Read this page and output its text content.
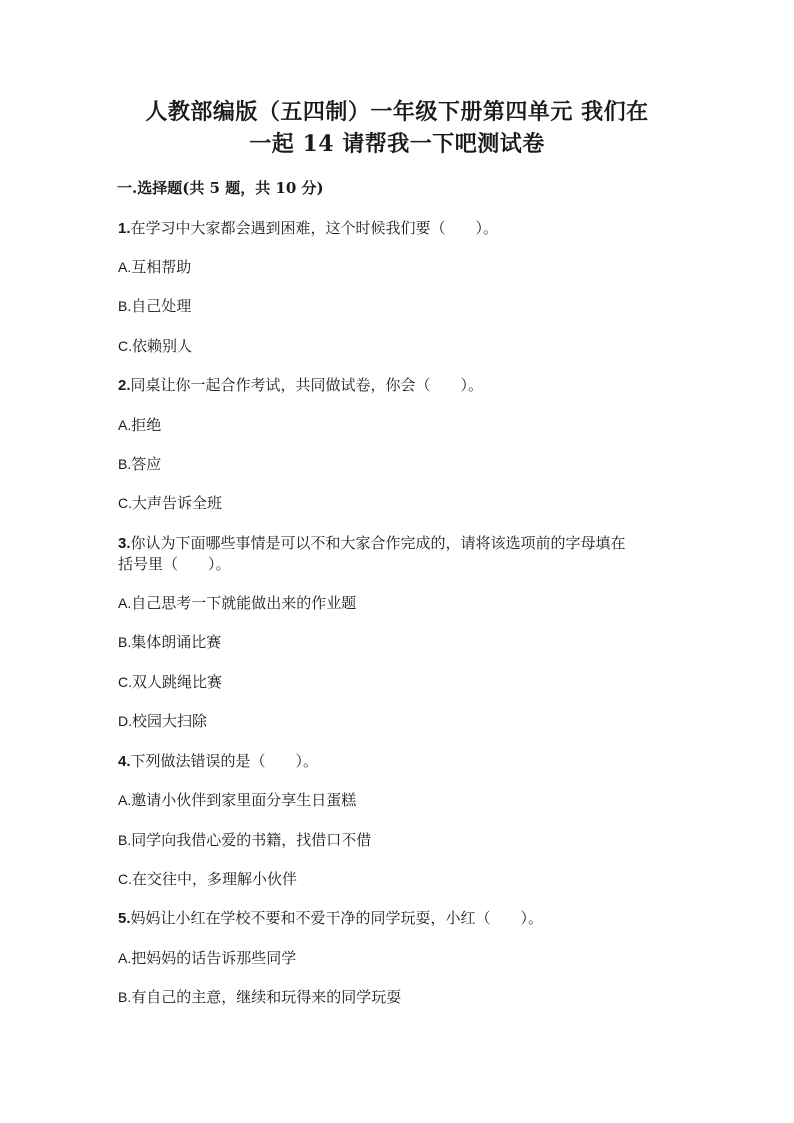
人教部编版（五四制）一年级下册第四单元 我们在
一起 14 请帮我一下吧测试卷
一.选择题(共 5 题，共 10 分)
1.在学习中大家都会遇到困难，这个时候我们要（　　）。
A.互相帮助
B.自己处理
C.依赖别人
2.同桌让你一起合作考试，共同做试卷，你会（　　）。
A.拒绝
B.答应
C.大声告诉全班
3.你认为下面哪些事情是可以不和大家合作完成的，请将该选项前的字母填在
括号里（　　）。
A.自己思考一下就能做出来的作业题
B.集体朗诵比赛
C.双人跳绳比赛
D.校园大扫除
4.下列做法错误的是（　　）。
A.邀请小伙伴到家里面分享生日蛋糕
B.同学向我借心爱的书籍，找借口不借
C.在交往中，多理解小伙伴
5.妈妈让小红在学校不要和不爱干净的同学玩耍，小红（　　）。
A.把妈妈的话告诉那些同学
B.有自己的主意，继续和玩得来的同学玩耍
